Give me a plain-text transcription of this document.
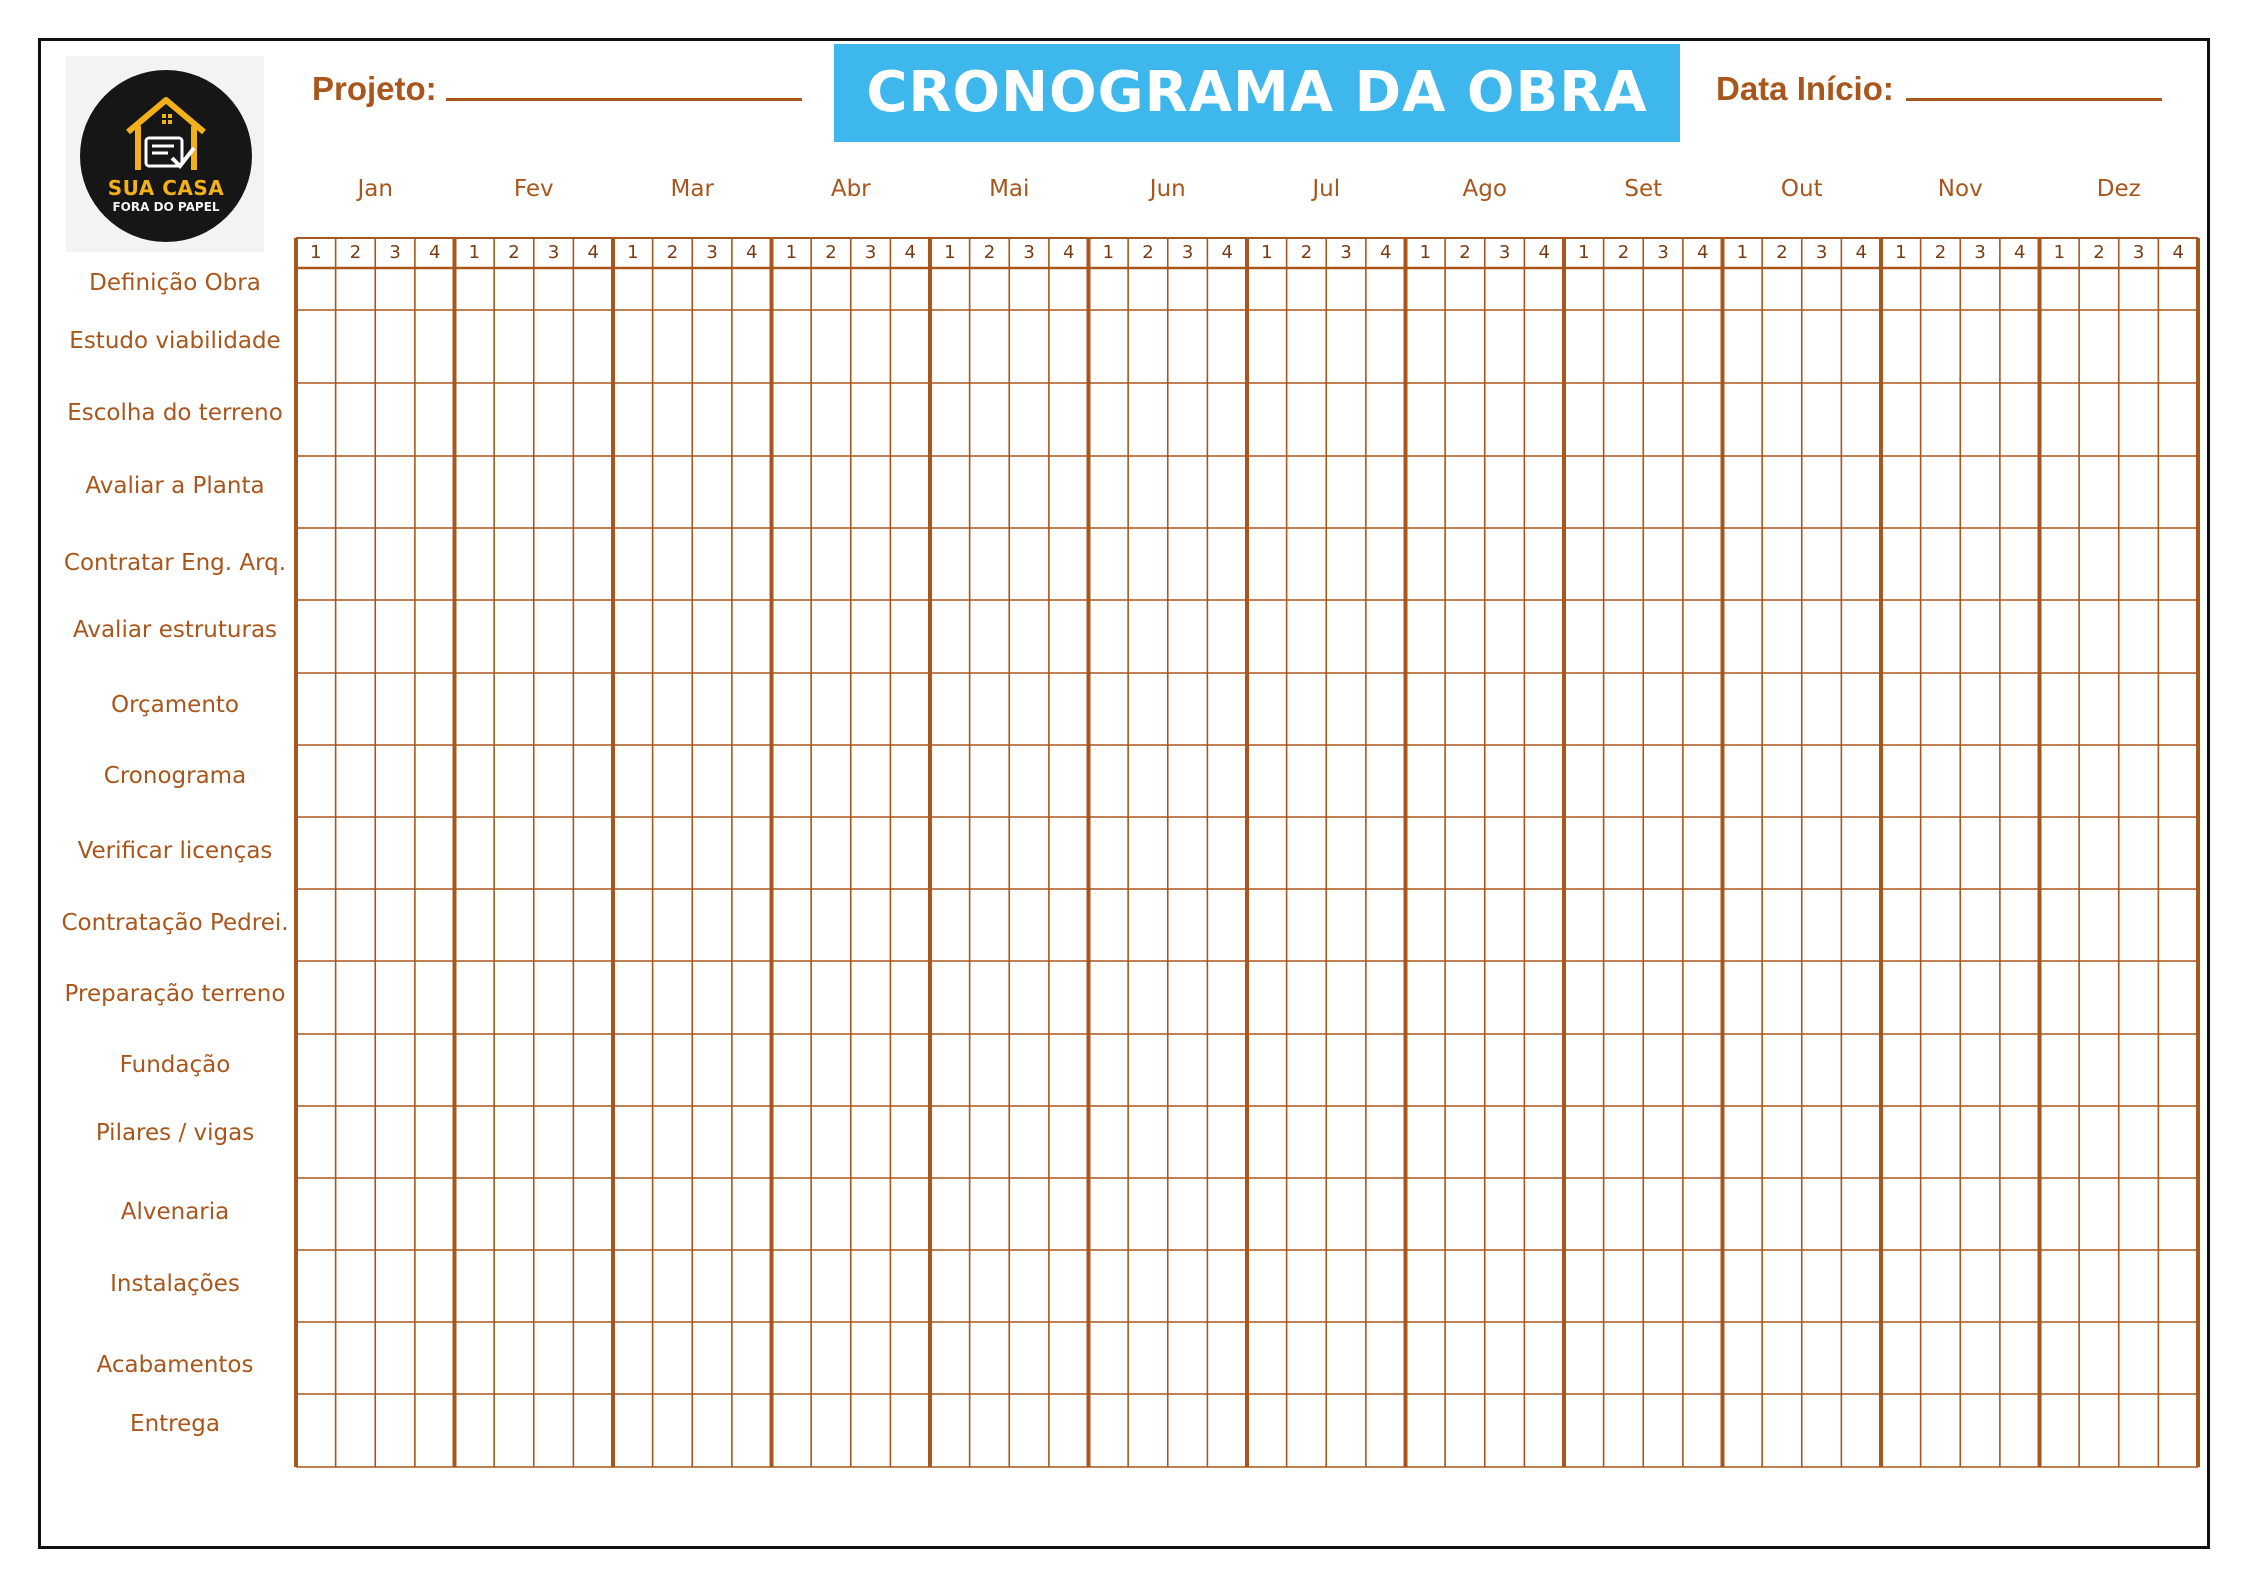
SUA CASA
FORA DO PAPEL
Projeto:	CRONOGRAMA DA OBRA	Data Início:
Jan	Fev	Mar	Abr	Mai	Jun	Jul	Ago	Set	Out	Nov	Dez
1	2	3	4	1	2	3	4	1	2	3	4	1	2	3	4	1	2	3	4	1	2	3	4	1	2	3	4	1	2	3	4	1	2	3	4	1	2	3	4	1	2	3	4	1	2	3	4
Definição Obra
Estudo viabilidade
Escolha do terreno
Avaliar a Planta
Contratar Eng. Arq.
Avaliar estruturas
Orçamento
Cronograma
Verificar licenças
Contratação Pedrei.
Preparação terreno
Fundação
Pilares / vigas
Alvenaria
Instalações
Acabamentos
Entrega
